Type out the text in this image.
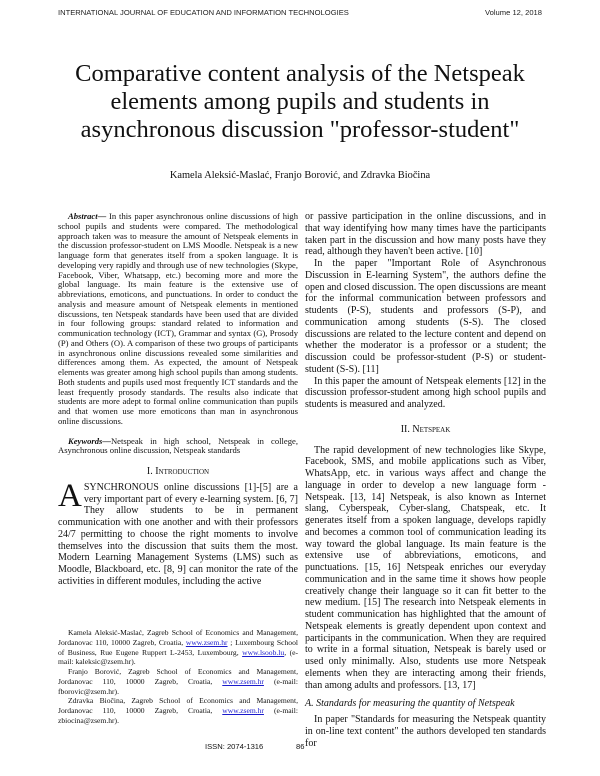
INTERNATIONAL JOURNAL OF EDUCATION AND INFORMATION TECHNOLOGIES	Volume 12, 2018
Comparative content analysis of the Netspeak elements among pupils and students in asynchronous discussion "professor-student"
Kamela Aleksić-Maslać, Franjo Borović, and Zdravka Biočina
Abstract— In this paper asynchronous online discussions of high school pupils and students were compared. The methodological approach taken was to measure the amount of Netspeak elements in the discussion professor-student on LMS Moodle. Netspeak is a new language form that generates itself from a spoken language. It is developing very rapidly and through use of new technologies (Skype, Facebook, Viber, Whatsapp, etc.) becoming more and more the global language. Its main feature is the extensive use of abbreviations, emoticons, and punctuations. In order to conduct the analysis and measure amount of Netspeak elements in mentioned discussions, ten Netspeak standards have been used that are divided in four following groups: standard related to information and communication technology (ICT), Grammar and syntax (G), Prosody (P) and Others (O). A comparison of these two groups of participants in asynchronous online discussions revealed some similarities and differences among them. As expected, the amount of Netspeak elements was greater among high school pupils than among students. Both students and pupils used most frequently ICT standards and the least frequently prosody standards. The results also indicate that students are more adept to formal online communication than pupils and that women use more emoticons than man in asynchronous online discussions.
Keywords—Netspeak in high school, Netspeak in college, Asynchronous online discussion, Netspeak standards
I. Introduction
A SYNCHRONOUS online discussions [1]-[5] are a very important part of every e-learning system. [6, 7] They allow students to be in permanent communication with one another and with their professors 24/7 permitting to choose the right moments to involve themselves into the discussion that suits them the most. Modern Learning Management Systems (LMS) such as Moodle, Blackboard, etc. [8, 9] can monitor the rate of the activities in different modules, including the active

Kamela Aleksić-Maslać, Zagreb School of Economics and Management, Jordanovac 110, 10000 Zagreb, Croatia, www.zsem.hr ; Luxembourg School of Business, Rue Eugene Ruppert L-2453, Luxembourg, www.lsoob.lu, (e-mail: kaleksic@zsem.hr).

Franjo Borović, Zagreb School of Economics and Management, Jordanovac 110, 10000 Zagreb, Croatia, www.zsem.hr (e-mail: fborovic@zsem.hr).

Zdravka Biočina, Zagreb School of Economics and Management, Jordanovac 110, 10000 Zagreb, Croatia, www.zsem.hr (e-mail: zbiocina@zsem.hr).

or passive participation in the online discussions, and in that way identifying how many times have the participants taken part in the discussion and how many posts have they read, although they haven't been active. [10]

In the paper "Important Role of Asynchronous Discussion in E-learning System", the authors define the open and closed discussion. The open discussions are meant for the informal communication between professors and students (P-S), students and professors (S-P), and communication among students (S-S). The closed discussions are related to the lecture content and depend on whether the moderator is a professor or a student; the discussion could be professor-student (P-S) or student-student (S-S). [11]

In this paper the amount of Netspeak elements [12] in the discussion professor-student among high school pupils and students is measured and analyzed.

II. Netspeak

The rapid development of new technologies like Skype, Facebook, SMS, and mobile applications such as Viber, WhatsApp, etc. in various ways affect and change the language in order to develop a new language form - Netspeak. [13, 14] Netspeak, is also known as Internet slang, Cyberspeak, Cyber-slang, Chatspeak, etc. It generates itself from a spoken language, develops rapidly and becomes a common tool of communication leading its way toward the global language. Its main feature is the extensive use of abbreviations, emoticons, and punctuations. [15, 16] Netspeak enriches our everyday communication and in the same time it shows how people creatively change their language so it can fit better to the new medium. [15] The research into Netspeak elements in student communication has highlighted that the amount of Netspeak elements is greatly dependent upon context and participants in the communication. When they are required to write in a formal situation, Netspeak is barely used or used only minimally. Also, students use more Netspeak elements when they are interacting among their friends, than among adults and professors. [13, 17]

A. Standards for measuring the quantity of Netspeak

In paper "Standards for measuring the Netspeak quantity in on-line text content" the authors developed ten standards for

ISSN: 2074-1316	86
